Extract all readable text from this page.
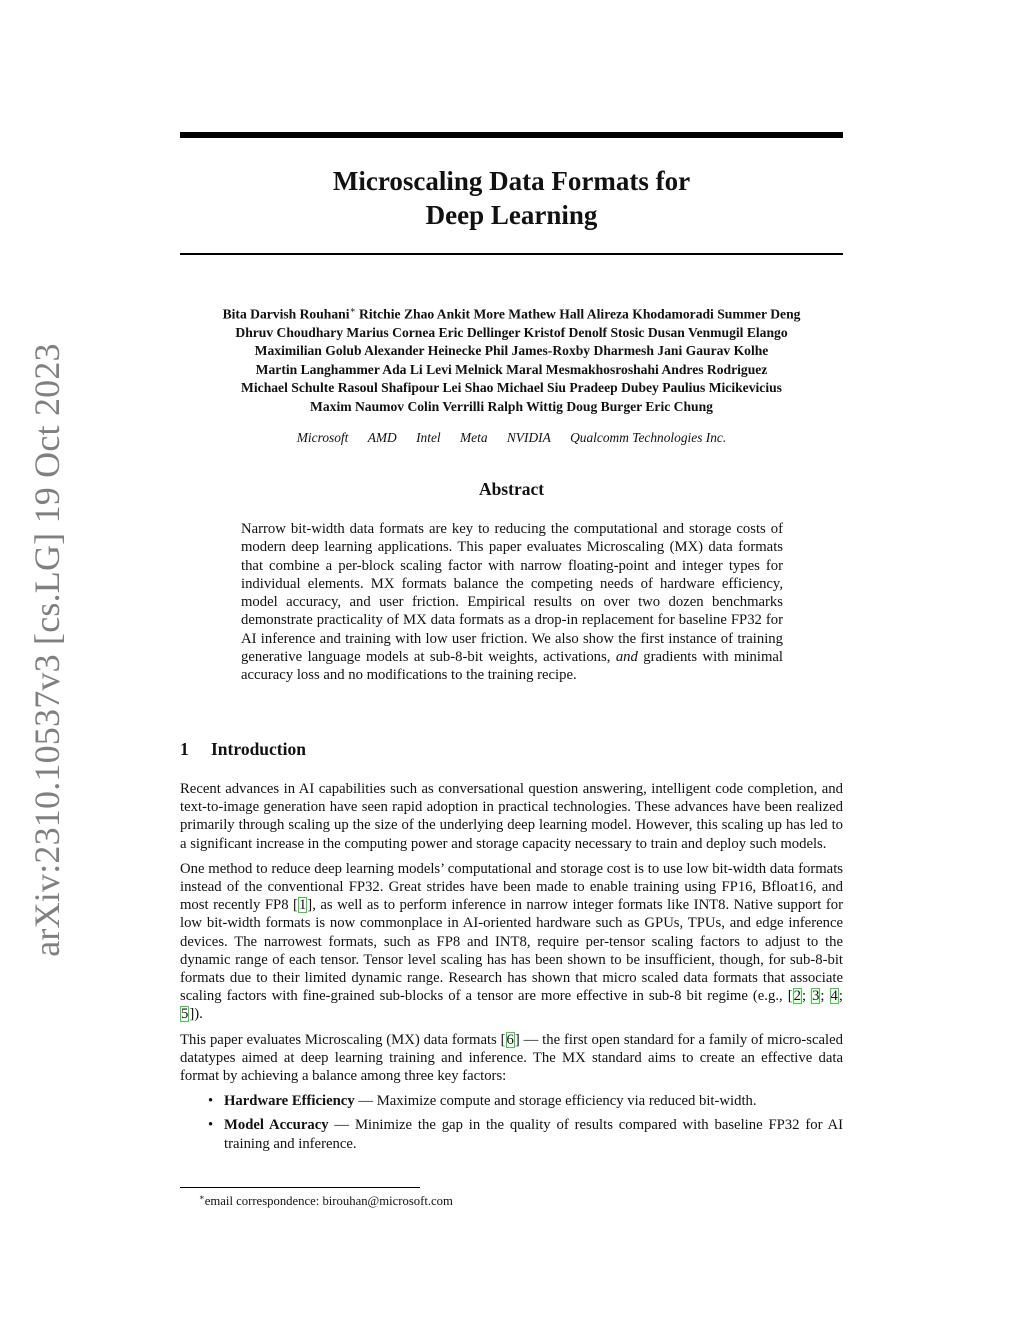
arXiv:2310.10537v3 [cs.LG] 19 Oct 2023
Microscaling Data Formats for
Deep Learning
Bita Darvish Rouhani∗ Ritchie Zhao Ankit More Mathew Hall Alireza Khodamoradi Summer Deng
Dhruv Choudhary Marius Cornea Eric Dellinger Kristof Denolf Stosic Dusan Venmugil Elango
Maximilian Golub Alexander Heinecke Phil James-Roxby Dharmesh Jani Gaurav Kolhe
Martin Langhammer Ada Li Levi Melnick Maral Mesmakhosroshahi Andres Rodriguez
Michael Schulte Rasoul Shafipour Lei Shao Michael Siu Pradeep Dubey Paulius Micikevicius
Maxim Naumov Colin Verrilli Ralph Wittig Doug Burger Eric Chung
Microsoft AMD Intel Meta NVIDIA Qualcomm Technologies Inc.
Abstract
Narrow bit-width data formats are key to reducing the computational and storage costs of modern deep learning applications. This paper evaluates Microscaling (MX) data formats that combine a per-block scaling factor with narrow floating-point and integer types for individual elements. MX formats balance the competing needs of hardware efficiency, model accuracy, and user friction. Empirical results on over two dozen benchmarks demonstrate practicality of MX data formats as a drop-in replacement for baseline FP32 for AI inference and training with low user friction. We also show the first instance of training generative language models at sub-8-bit weights, activations, and gradients with minimal accuracy loss and no modifications to the training recipe.
1 Introduction

Recent advances in AI capabilities such as conversational question answering, intelligent code completion, and text-to-image generation have seen rapid adoption in practical technologies. These advances have been realized primarily through scaling up the size of the underlying deep learning model. However, this scaling up has led to a significant increase in the computing power and storage capacity necessary to train and deploy such models.

One method to reduce deep learning models’ computational and storage cost is to use low bit-width data formats instead of the conventional FP32. Great strides have been made to enable training using FP16, Bfloat16, and most recently FP8 [1], as well as to perform inference in narrow integer formats like INT8. Native support for low bit-width formats is now commonplace in AI-oriented hardware such as GPUs, TPUs, and edge inference devices. The narrowest formats, such as FP8 and INT8, require per-tensor scaling factors to adjust to the dynamic range of each tensor. Tensor level scaling has has been shown to be insufficient, though, for sub-8-bit formats due to their limited dynamic range. Research has shown that micro scaled data formats that associate scaling factors with fine-grained sub-blocks of a tensor are more effective in sub-8 bit regime (e.g., [2; 3; 4; 5]).

This paper evaluates Microscaling (MX) data formats [6] — the first open standard for a family of micro-scaled datatypes aimed at deep learning training and inference. The MX standard aims to create an effective data format by achieving a balance among three key factors:

• Hardware Efficiency — Maximize compute and storage efficiency via reduced bit-width.
• Model Accuracy — Minimize the gap in the quality of results compared with baseline FP32 for AI training and inference.
∗email correspondence: birouhan@microsoft.com
